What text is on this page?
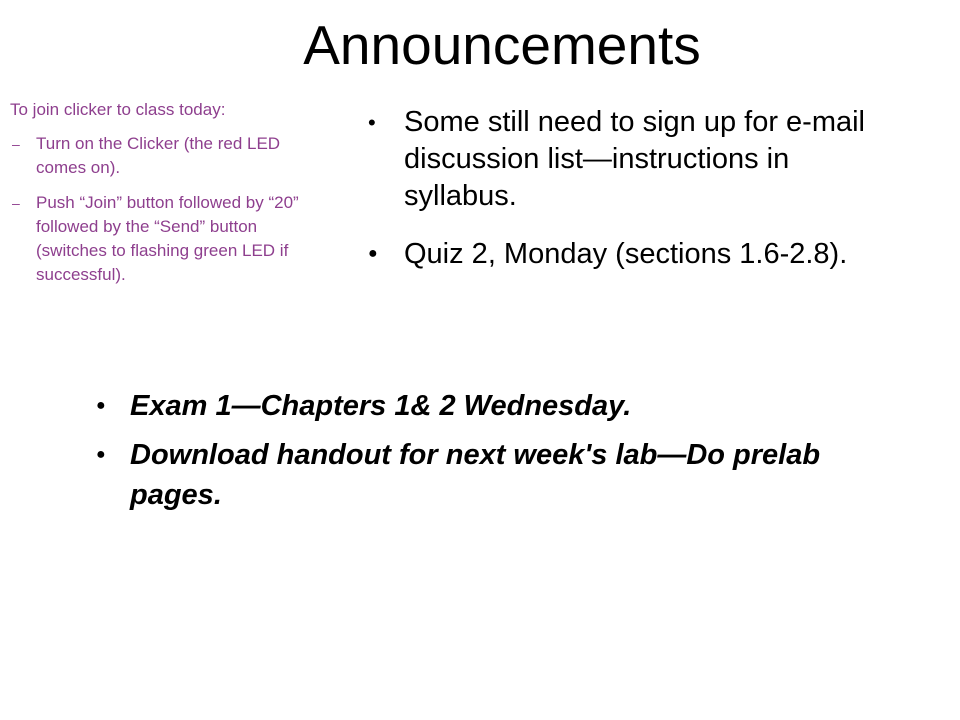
Announcements

To join clicker to class today:

– Turn on the Clicker (the red LED comes on).
– Push “Join” button followed by “20” followed by the “Send” button (switches to flashing green LED if successful).
• Some still need to sign up for e-mail discussion list—instructions in syllabus.
● Quiz 2, Monday (sections 1.6-2.8).
● Exam 1—Chapters 1& 2 Wednesday.
● Download handout for next week's lab—Do prelab pages.
